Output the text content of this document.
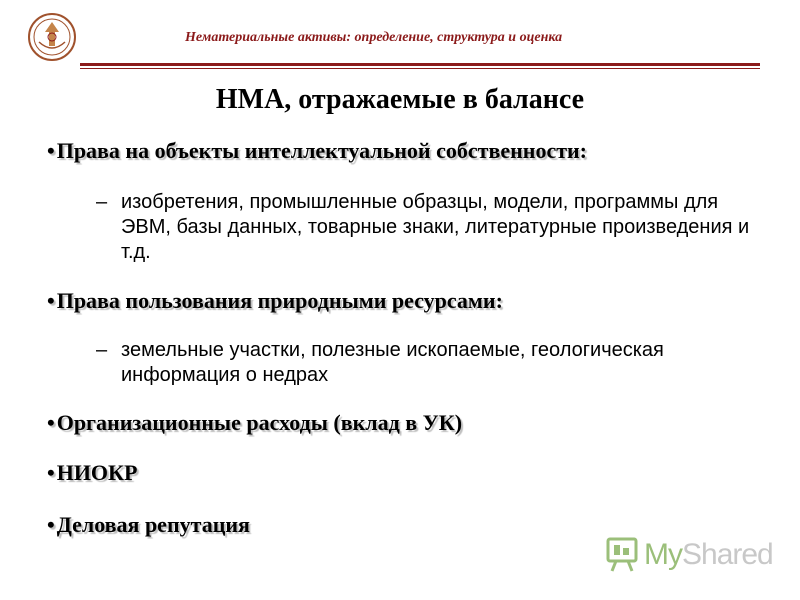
Нематериальные активы: определение, структура и оценка
НМА, отражаемые в балансе
•Права на объекты интеллектуальной собственности:
– изобретения, промышленные образцы, модели, программы для ЭВМ, базы данных, товарные знаки, литературные произведения и т.д.
•Права пользования природными ресурсами:
– земельные участки, полезные ископаемые, геологическая информация о недрах
•Организационные расходы (вклад в УК)
•НИОКР
•Деловая репутация
MyShared
